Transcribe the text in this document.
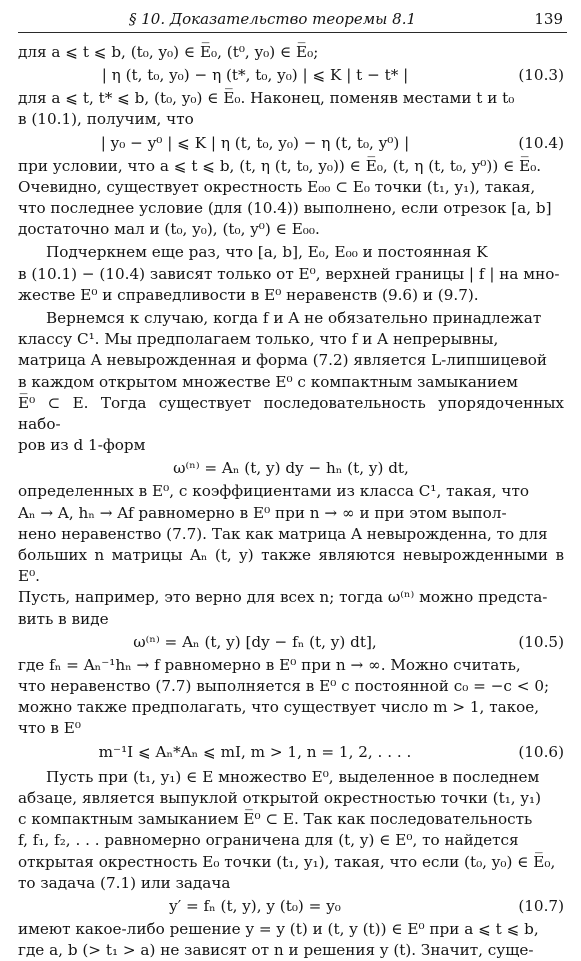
§ 10. Доказательство теоремы 8.1	139

для a ⩽ t ⩽ b, (t₀, y₀) ∈ E̅₀, (t⁰, y₀) ∈ E̅₀;

| η (t, t₀, y₀) − η (t*, t₀, y₀) | ⩽ K | t − t* |	(10.3)

для a ⩽ t, t* ⩽ b, (t₀, y₀) ∈ E̅₀. Наконец, поменяв местами t и t₀

в (10.1), получим, что

| y₀ − y⁰ | ⩽ K | η (t, t₀, y₀) − η (t, t₀, y⁰) |	(10.4)

при условии, что a ⩽ t ⩽ b, (t, η (t, t₀, y₀)) ∈ E̅₀, (t, η (t, t₀, y⁰)) ∈ E̅₀.

Очевидно, существует окрестность E₀₀ ⊂ E₀ точки (t₁, y₁), такая,

что последнее условие (для (10.4)) выполнено, если отрезок [a, b]

достаточно мал и (t₀, y₀), (t₀, y⁰) ∈ E₀₀.

Подчеркнем еще раз, что [a, b], E₀, E₀₀ и постоянная K

в (10.1) − (10.4) зависят только от E⁰, верхней границы | f | на мно-

жестве E⁰ и справедливости в E⁰ неравенств (9.6) и (9.7).

Вернемся к случаю, когда f и A не обязательно принадлежат

классу C¹. Мы предполагаем только, что f и A непрерывны,

матрица A невырожденная и форма (7.2) является L-липшицевой

в каждом открытом множестве E⁰ с компактным замыканием

E̅⁰ ⊂ E. Тогда существует последовательность упорядоченных набо-

ров из d 1-форм

ω⁽ⁿ⁾ = Aₙ (t, y) dy − hₙ (t, y) dt,

определенных в E⁰, с коэффициентами из класса C¹, такая, что

Aₙ → A, hₙ → Af равномерно в E⁰ при n → ∞ и при этом выпол-

нено неравенство (7.7). Так как матрица A невырожденна, то для

больших n матрицы Aₙ (t, y) также являются невырожденными в E⁰.

Пусть, например, это верно для всех n; тогда ω⁽ⁿ⁾ можно предста-

вить в виде

ω⁽ⁿ⁾ = Aₙ (t, y) [dy − fₙ (t, y) dt],	(10.5)

где fₙ = Aₙ⁻¹hₙ → f равномерно в E⁰ при n → ∞. Можно считать,

что неравенство (7.7) выполняется в E⁰ с постоянной c₀ = −c < 0;

можно также предполагать, что существует число m > 1, такое,

что в E⁰

m⁻¹I ⩽ Aₙ*Aₙ ⩽ mI, m > 1, n = 1, 2, . . . .	(10.6)

Пусть при (t₁, y₁) ∈ E множество E⁰, выделенное в последнем

абзаце, является выпуклой открытой окрестностью точки (t₁, y₁)

с компактным замыканием E̅⁰ ⊂ E. Так как последовательность

f, f₁, f₂, . . . равномерно ограничена для (t, y) ∈ E⁰, то найдется

открытая окрестность E₀ точки (t₁, y₁), такая, что если (t₀, y₀) ∈ E̅₀,

то задача (7.1) или задача

y′ = fₙ (t, y), y (t₀) = y₀	(10.7)

имеют какое-либо решение y = y (t) и (t, y (t)) ∈ E⁰ при a ⩽ t ⩽ b,

где a, b (> t₁ > a) не зависят от n и решения y (t). Значит, суще-
